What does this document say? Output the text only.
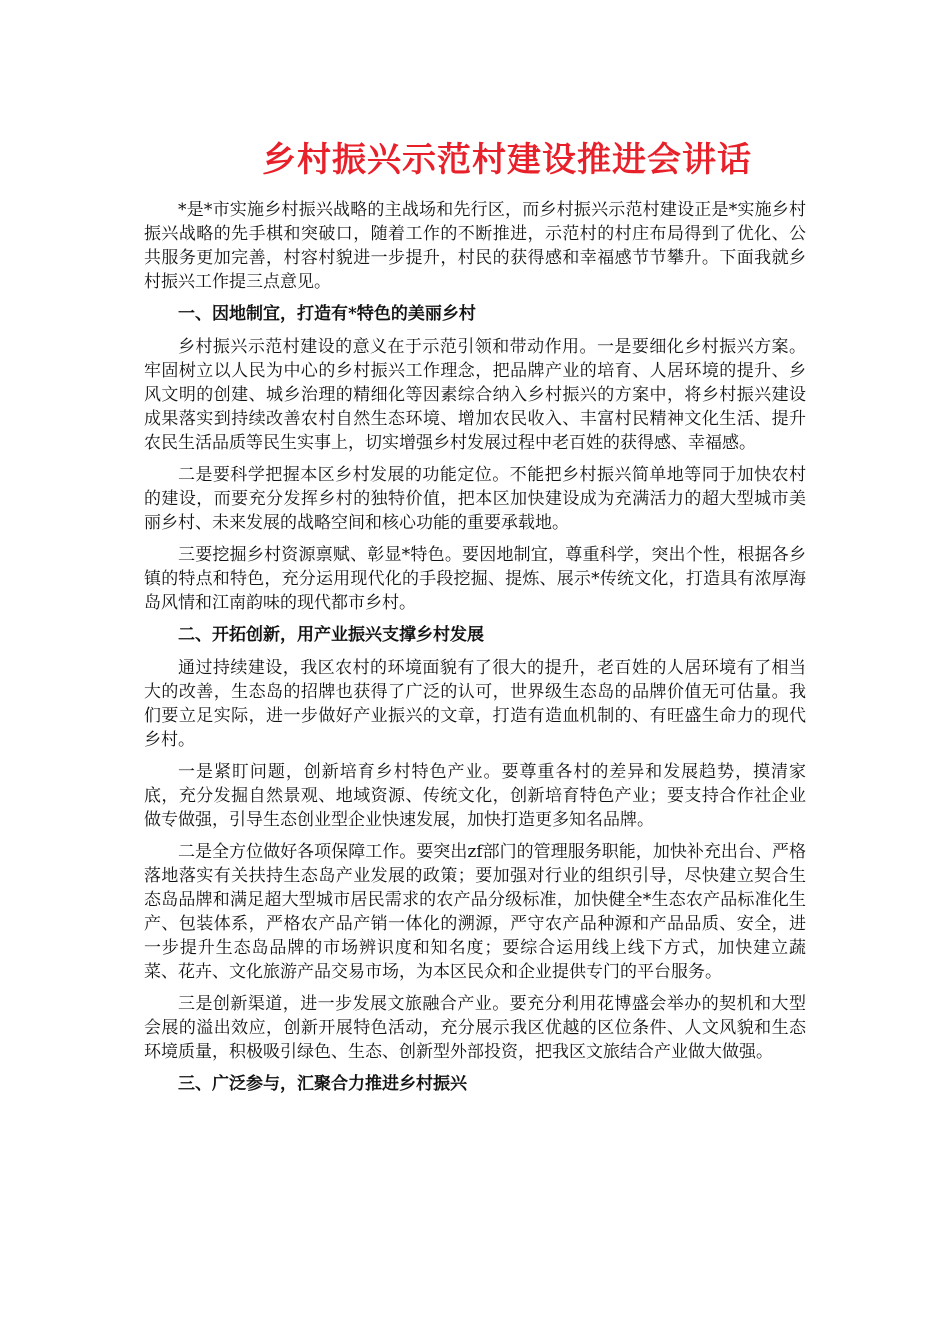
乡村振兴示范村建设推进会讲话

*是*市实施乡村振兴战略的主战场和先行区，而乡村振兴示范村建设正是*实施乡村振兴战略的先手棋和突破口，随着工作的不断推进，示范村的村庄布局得到了优化、公共服务更加完善，村容村貌进一步提升，村民的获得感和幸福感节节攀升。下面我就乡村振兴工作提三点意见。

一、因地制宜，打造有*特色的美丽乡村

乡村振兴示范村建设的意义在于示范引领和带动作用。一是要细化乡村振兴方案。牢固树立以人民为中心的乡村振兴工作理念，把品牌产业的培育、人居环境的提升、乡风文明的创建、城乡治理的精细化等因素综合纳入乡村振兴的方案中，将乡村振兴建设成果落实到持续改善农村自然生态环境、增加农民收入、丰富村民精神文化生活、提升农民生活品质等民生实事上，切实增强乡村发展过程中老百姓的获得感、幸福感。

二是要科学把握本区乡村发展的功能定位。不能把乡村振兴简单地等同于加快农村的建设，而要充分发挥乡村的独特价值，把本区加快建设成为充满活力的超大型城市美丽乡村、未来发展的战略空间和核心功能的重要承载地。

三要挖掘乡村资源禀赋、彰显*特色。要因地制宜，尊重科学，突出个性，根据各乡镇的特点和特色，充分运用现代化的手段挖掘、提炼、展示*传统文化，打造具有浓厚海岛风情和江南韵味的现代都市乡村。

二、开拓创新，用产业振兴支撑乡村发展

通过持续建设，我区农村的环境面貌有了很大的提升，老百姓的人居环境有了相当大的改善，生态岛的招牌也获得了广泛的认可，世界级生态岛的品牌价值无可估量。我们要立足实际，进一步做好产业振兴的文章，打造有造血机制的、有旺盛生命力的现代乡村。

一是紧盯问题，创新培育乡村特色产业。要尊重各村的差异和发展趋势，摸清家底，充分发掘自然景观、地域资源、传统文化，创新培育特色产业；要支持合作社企业做专做强，引导生态创业型企业快速发展，加快打造更多知名品牌。

二是全方位做好各项保障工作。要突出zf部门的管理服务职能，加快补充出台、严格落地落实有关扶持生态岛产业发展的政策；要加强对行业的组织引导，尽快建立契合生态岛品牌和满足超大型城市居民需求的农产品分级标准，加快健全*生态农产品标准化生产、包装体系，严格农产品产销一体化的溯源，严守农产品种源和产品品质、安全，进一步提升生态岛品牌的市场辨识度和知名度；要综合运用线上线下方式，加快建立蔬菜、花卉、文化旅游产品交易市场，为本区民众和企业提供专门的平台服务。

三是创新渠道，进一步发展文旅融合产业。要充分利用花博盛会举办的契机和大型会展的溢出效应，创新开展特色活动，充分展示我区优越的区位条件、人文风貌和生态环境质量，积极吸引绿色、生态、创新型外部投资，把我区文旅结合产业做大做强。

三、广泛参与，汇聚合力推进乡村振兴
